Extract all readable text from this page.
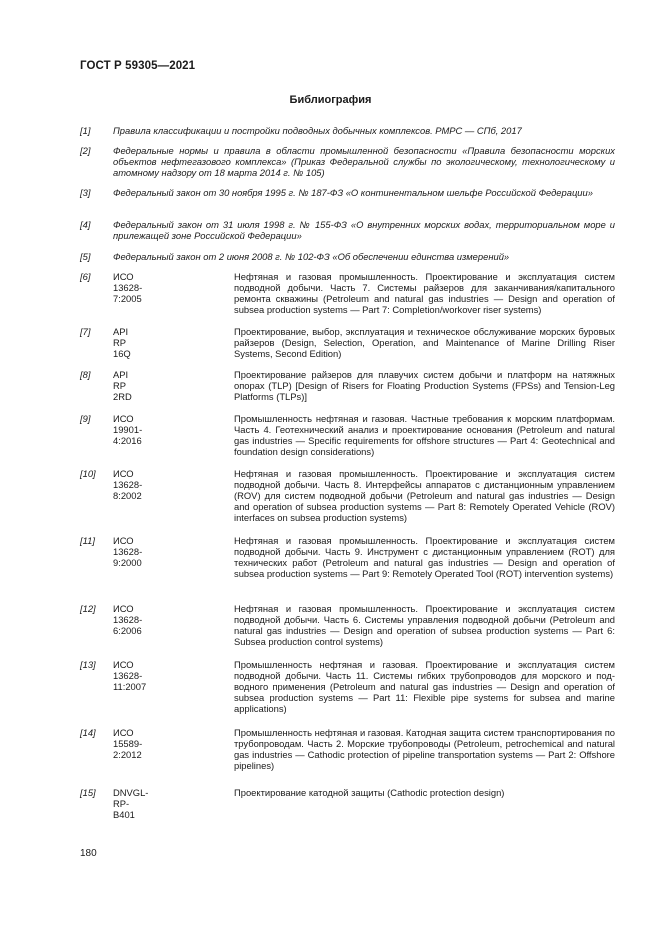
ГОСТ Р 59305—2021
Библиография
[1] Правила классификации и постройки подводных добычных комплексов. РМРС — СПб, 2017
[2] Федеральные нормы и правила в области промышленной безопасности «Правила безопасности морских объектов нефтегазового комплекса» (Приказ Федеральной службы по экологическому, технологическому и атомному надзору от 18 марта 2014 г. № 105)
[3] Федеральный закон от 30 ноября 1995 г. № 187-ФЗ «О континентальном шельфе Российской Федерации»
[4] Федеральный закон от 31 июля 1998 г. № 155-ФЗ «О внутренних морских водах, территориальном море и прилежащей зоне Российской Федерации»
[5] Федеральный закон от 2 июня 2008 г. № 102-ФЗ «Об обеспечении единства измерений»
[6] ИСО 13628-7:2005
Нефтяная и газовая промышленность. Проектирование и эксплуатация систем подводной добычи. Часть 7. Системы райзеров для заканчивания/капитального ремонта скважины (Petroleum and natural gas industries — Design and operation of subsea production systems — Part 7: Completion/workover riser systems)
[7] API RP 16Q
Проектирование, выбор, эксплуатация и техническое обслуживание морских буровых райзеров (Design, Selection, Operation, and Maintenance of Marine Drilling Riser Systems, Second Edition)
[8] API RP 2RD
Проектирование райзеров для плавучих систем добычи и платформ на натяжных опорах (TLP) [Design of Risers for Floating Production Systems (FPSs) and Tension-Leg Platforms (TLPs)]
[9] ИСО 19901-4:2016
Промышленность нефтяная и газовая. Частные требования к морским платформам. Часть 4. Геотехнический анализ и проектирование основания (Petroleum and natural gas industries — Specific requirements for offshore structures — Part 4: Geotechnical and foundation design considerations)
[10] ИСО 13628-8:2002
Нефтяная и газовая промышленность. Проектирование и эксплуатация систем подводной добычи. Часть 8. Интерфейсы аппаратов с дистанционным управлением (ROV) для систем подводной добычи (Petroleum and natural gas industries — Design and operation of subsea production systems — Part 8: Remotely Operated Vehicle (ROV) interfaces on subsea production systems)
[11] ИСО 13628-9:2000
Нефтяная и газовая промышленность. Проектирование и эксплуатация систем подводной добычи. Часть 9. Инструмент с дистанционным управлением (ROT) для технических работ (Petroleum and natural gas industries — Design and operation of subsea production systems — Part 9: Remotely Operated Tool (ROT) intervention systems)
[12] ИСО 13628-6:2006
Нефтяная и газовая промышленность. Проектирование и эксплуатация систем подводной добычи. Часть 6. Системы управления подводной добычи (Petroleum and natural gas industries — Design and operation of subsea production systems — Part 6: Subsea production control systems)
[13] ИСО 13628-11:2007
Промышленность нефтяная и газовая. Проектирование и эксплуатация систем подводной добычи. Часть 11. Системы гибких трубопроводов для морского и подводного применения (Petroleum and natural gas industries — Design and operation of subsea production systems — Part 11: Flexible pipe systems for subsea and marine applications)
[14] ИСО 15589-2:2012
Промышленность нефтяная и газовая. Катодная защита систем транспортирования по трубопроводам. Часть 2. Морские трубопроводы (Petroleum, petrochemical and natural gas industries — Cathodic protection of pipeline transportation systems — Part 2: Offshore pipelines)
[15] DNVGL-RP-B401
Проектирование катодной защиты (Cathodic protection design)
180
